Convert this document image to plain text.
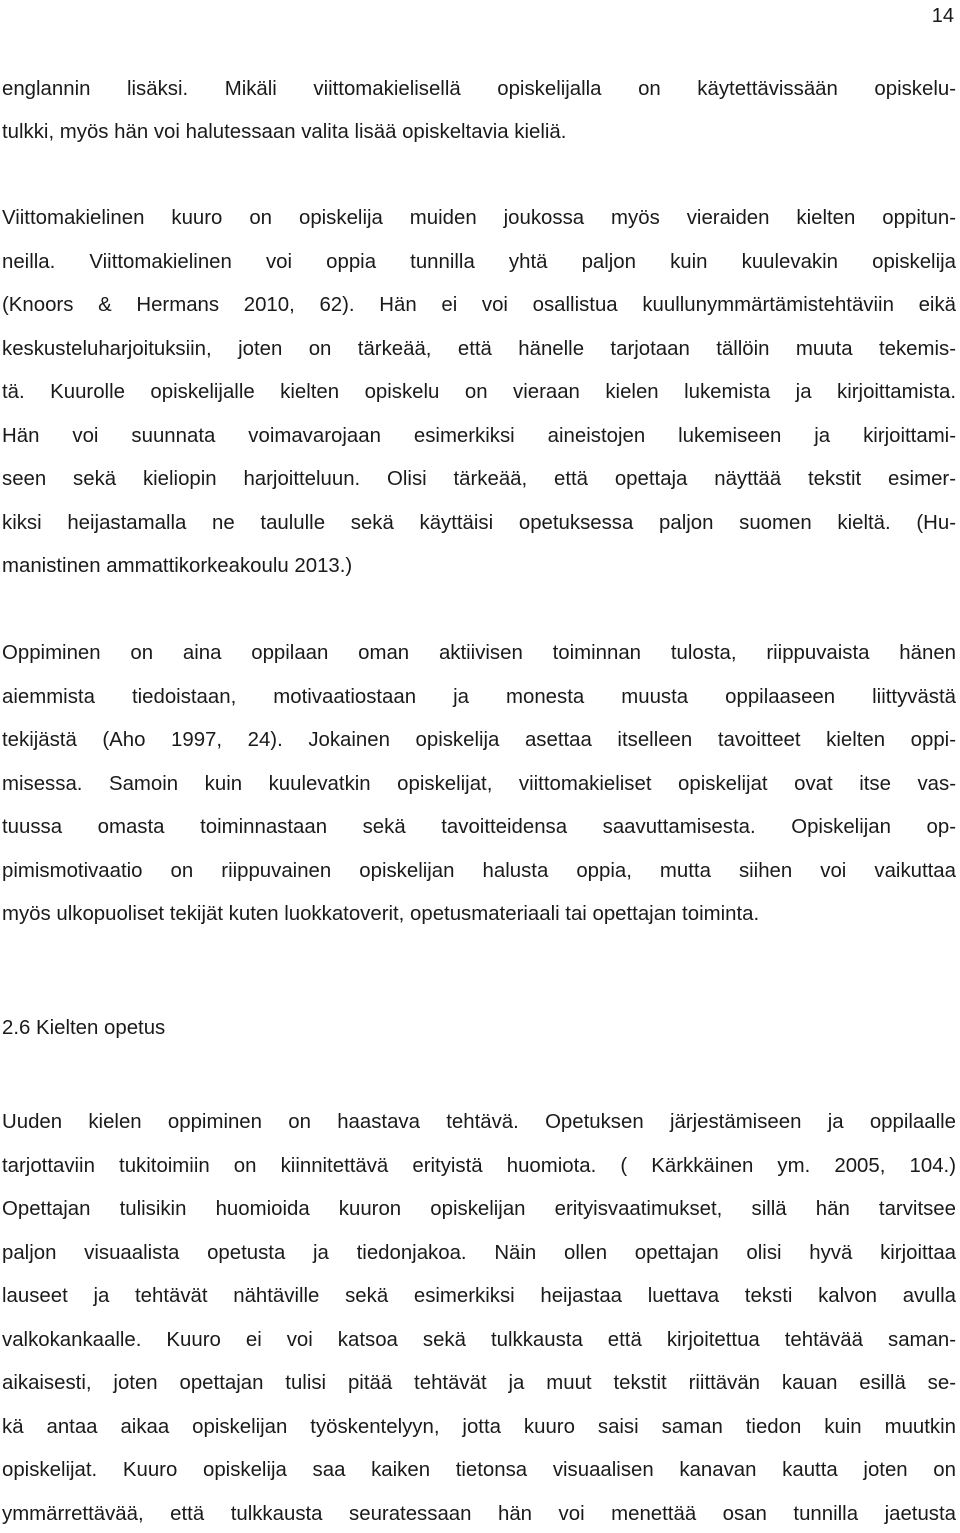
14
englannin lisäksi. Mikäli viittomakielisellä opiskelijalla on käytettävissään opiskelu-
tulkki, myös hän voi halutessaan valita lisää opiskeltavia kieliä.
Viittomakielinen kuuro on opiskelija muiden joukossa myös vieraiden kielten oppitun-
neilla. Viittomakielinen voi oppia tunnilla yhtä paljon kuin kuulevakin opiskelija
(Knoors & Hermans 2010, 62). Hän ei voi osallistua kuullunymmärtämistehtäviin eikä
keskusteluharjoituksiin, joten on tärkeää, että hänelle tarjotaan tällöin muuta tekemis-
tä. Kuurolle opiskelijalle kielten opiskelu on vieraan kielen lukemista ja kirjoittamista.
Hän voi suunnata voimavarojaan esimerkiksi aineistojen lukemiseen ja kirjoittami-
seen sekä kieliopin harjoitteluun. Olisi tärkeää, että opettaja näyttää tekstit esimer-
kiksi heijastamalla ne taululle sekä käyttäisi opetuksessa paljon suomen kieltä. (Hu-
manistinen ammattikorkeakoulu 2013.)
Oppiminen on aina oppilaan oman aktiivisen toiminnan tulosta, riippuvaista hänen
aiemmista tiedoistaan, motivaatiostaan ja monesta muusta oppilaaseen liittyvästä
tekijästä (Aho 1997, 24). Jokainen opiskelija asettaa itselleen tavoitteet kielten oppi-
misessa. Samoin kuin kuulevatkin opiskelijat, viittomakieliset opiskelijat ovat itse vas-
tuussa omasta toiminnastaan sekä tavoitteidensa saavuttamisesta. Opiskelijan op-
pimismotivaatio on riippuvainen opiskelijan halusta oppia, mutta siihen voi vaikuttaa
myös ulkopuoliset tekijät kuten luokkatoverit, opetusmateriaali tai opettajan toiminta.
2.6 Kielten opetus
Uuden kielen oppiminen on haastava tehtävä. Opetuksen järjestämiseen ja oppilaalle
tarjottaviin tukitoimiin on kiinnitettävä erityistä huomiota. ( Kärkkäinen ym. 2005, 104.)
Opettajan tulisikin huomioida kuuron opiskelijan erityisvaatimukset, sillä hän tarvitsee
paljon visuaalista opetusta ja tiedonjakoa. Näin ollen opettajan olisi hyvä kirjoittaa
lauseet ja tehtävät nähtäville sekä esimerkiksi heijastaa luettava teksti kalvon avulla
valkokankaalle. Kuuro ei voi katsoa sekä tulkkausta että kirjoitettua tehtävää saman-
aikaisesti, joten opettajan tulisi pitää tehtävät ja muut tekstit riittävän kauan esillä se-
kä antaa aikaa opiskelijan työskentelyyn, jotta kuuro saisi saman tiedon kuin muutkin
opiskelijat. Kuuro opiskelija saa kaiken tietonsa visuaalisen kanavan kautta joten on
ymmärrettävää, että tulkkausta seuratessaan hän voi menettää osan tunnilla jaetusta
